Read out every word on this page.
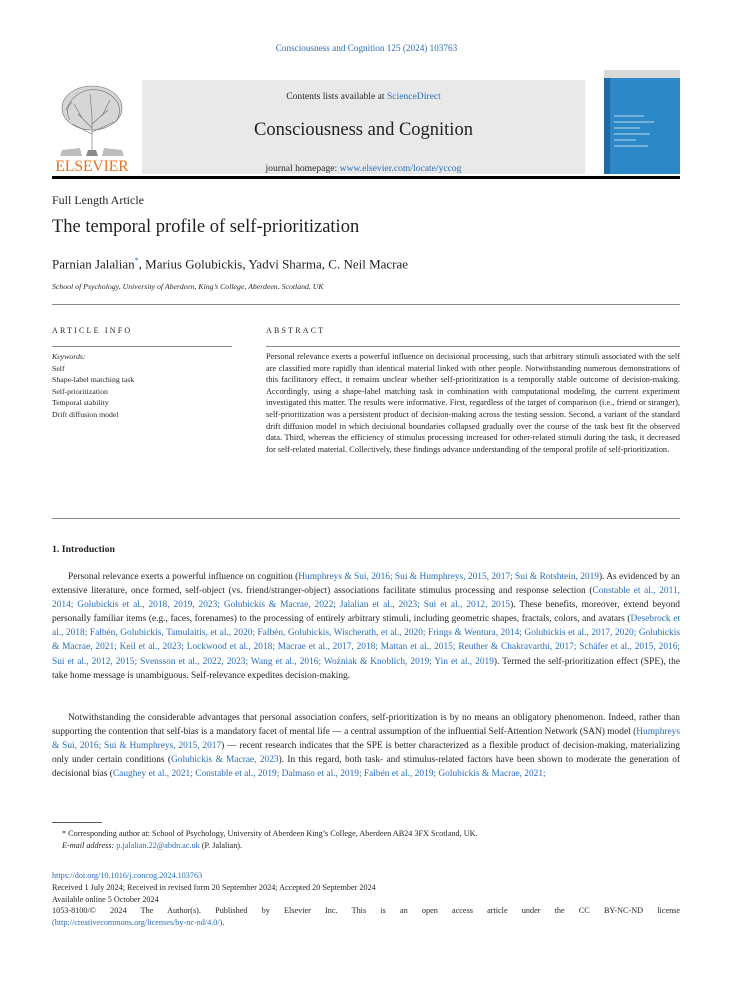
Consciousness and Cognition 125 (2024) 103763
ELSEVIER
Contents lists available at ScienceDirect
Consciousness and Cognition
journal homepage: www.elsevier.com/locate/yccog
Full Length Article
The temporal profile of self-prioritization
Parnian Jalalian*, Marius Golubickis, Yadvi Sharma, C. Neil Macrae
School of Psychology, University of Aberdeen, King’s College, Aberdeen, Scotland, UK
ARTICLE INFO	ABSTRACT
Keywords:
Self
Shape-label matching task
Self-prioritization
Temporal stability
Drift diffusion model
Personal relevance exerts a powerful influence on decisional processing, such that arbitrary stimuli associated with the self are classified more rapidly than identical material linked with other people. Notwithstanding numerous demonstrations of this facilitatory effect, it remains unclear whether self-prioritization is a temporally stable outcome of decision-making. Accordingly, using a shape-label matching task in combination with computational modeling, the current experiment investigated this matter. The results were informative. First, regardless of the target of comparison (i.e., friend or stranger), self-prioritization was a persistent product of decision-making across the testing session. Second, a variant of the standard drift diffusion model in which decisional boundaries collapsed gradually over the course of the task best fit the observed data. Third, whereas the efficiency of stimulus processing increased for other-related stimuli during the task, it decreased for self-related material. Collectively, these findings advance understanding of the temporal profile of self-prioritization.
1. Introduction
Personal relevance exerts a powerful influence on cognition (Humphreys & Sui, 2016; Sui & Humphreys, 2015, 2017; Sui & Rotshtein, 2019). As evidenced by an extensive literature, once formed, self-object (vs. friend/stranger-object) associations facilitate stimulus processing and response selection (Constable et al., 2011, 2014; Golubickis et al., 2018, 2019, 2023; Golubickis & Macrae, 2022; Jalalian et al., 2023; Sui et al., 2012, 2015). These benefits, moreover, extend beyond personally familiar items (e.g., faces, forenames) to the processing of entirely arbitrary stimuli, including geometric shapes, fractals, colors, and avatars (Desebrock et al., 2018; Falbén, Golubickis, Tamulaitis, et al., 2020; Falbén, Golubickis, Wischerath, et al., 2020; Frings & Wentura, 2014; Golubickis et al., 2017, 2020; Golubickis & Macrae, 2021; Keil et al., 2023; Lockwood et al., 2018; Macrae et al., 2017, 2018; Mattan et al., 2015; Reuther & Chakravarthi, 2017; Schäfer et al., 2015, 2016; Sui et al., 2012, 2015; Svensson et al., 2022, 2023; Wang et al., 2016; Woźniak & Knoblich, 2019; Yin et al., 2019). Termed the self-prioritization effect (SPE), the take home message is unambiguous. Self-relevance expedites decision-making.
Notwithstanding the considerable advantages that personal association confers, self-prioritization is by no means an obligatory phenomenon. Indeed, rather than supporting the contention that self-bias is a mandatory facet of mental life — a central assumption of the influential Self-Attention Network (SAN) model (Humphreys & Sui, 2016; Sui & Humphreys, 2015, 2017) — recent research indicates that the SPE is better characterized as a flexible product of decision-making, materializing only under certain conditions (Golubickis & Macrae, 2023). In this regard, both task- and stimulus-related factors have been shown to moderate the generation of decisional bias (Caughey et al., 2021; Constable et al., 2019; Dalmaso et al., 2019; Falbén et al., 2019; Golubickis & Macrae, 2021;
* Corresponding author at: School of Psychology, University of Aberdeen King’s College, Aberdeen AB24 3FX Scotland, UK.
E-mail address: p.jalalian.22@abdn.ac.uk (P. Jalalian).
https://doi.org/10.1016/j.concog.2024.103763
Received 1 July 2024; Received in revised form 20 September 2024; Accepted 20 September 2024
Available online 5 October 2024
1053-8100/© 2024 The Author(s). Published by Elsevier Inc. This is an open access article under the CC BY-NC-ND license
(http://creativecommons.org/licenses/by-nc-nd/4.0/).
